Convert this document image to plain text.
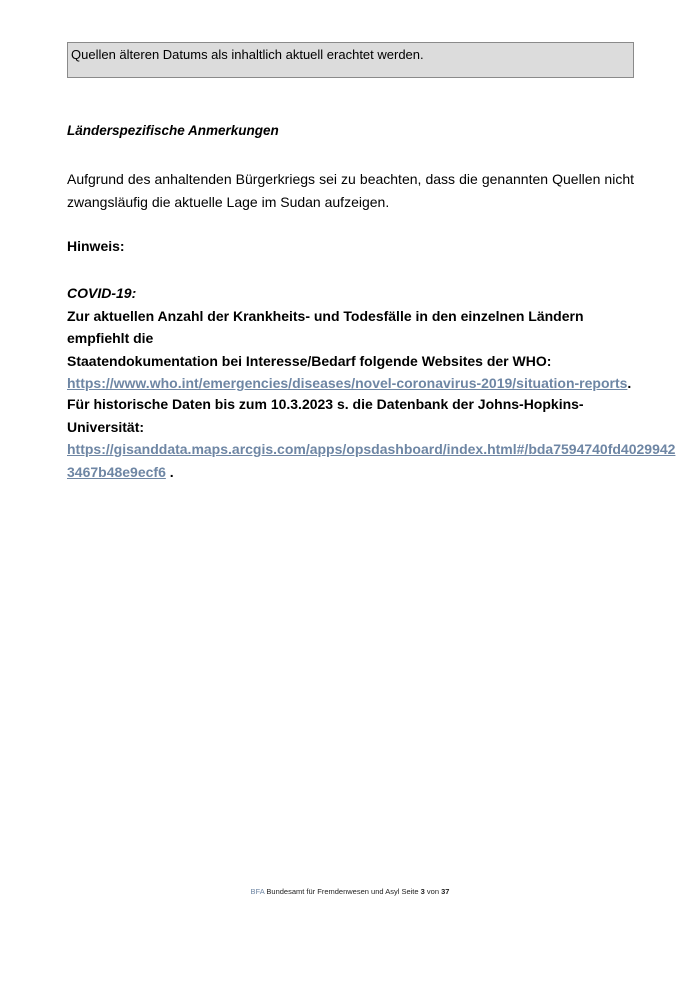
Quellen älteren Datums als inhaltlich aktuell erachtet werden.
Länderspezifische Anmerkungen
Aufgrund des anhaltenden Bürgerkriegs sei zu beachten, dass die genannten Quellen nicht zwangsläufig die aktuelle Lage im Sudan aufzeigen.
Hinweis:
COVID-19:
Zur aktuellen Anzahl der Krankheits- und Todesfälle in den einzelnen Ländern empfiehlt die
Staatendokumentation bei Interesse/Bedarf folgende Websites der WHO:
https://www.who.int/emergencies/diseases/novel-coronavirus-2019/situation-reports.
Für historische Daten bis zum 10.3.2023 s. die Datenbank der Johns-Hopkins-Universität:
https://gisanddata.maps.arcgis.com/apps/opsdashboard/index.html#/bda7594740fd4029942
3467b48e9ecf6 .
BFA Bundesamt für Fremdenwesen und Asyl Seite 3 von 37
